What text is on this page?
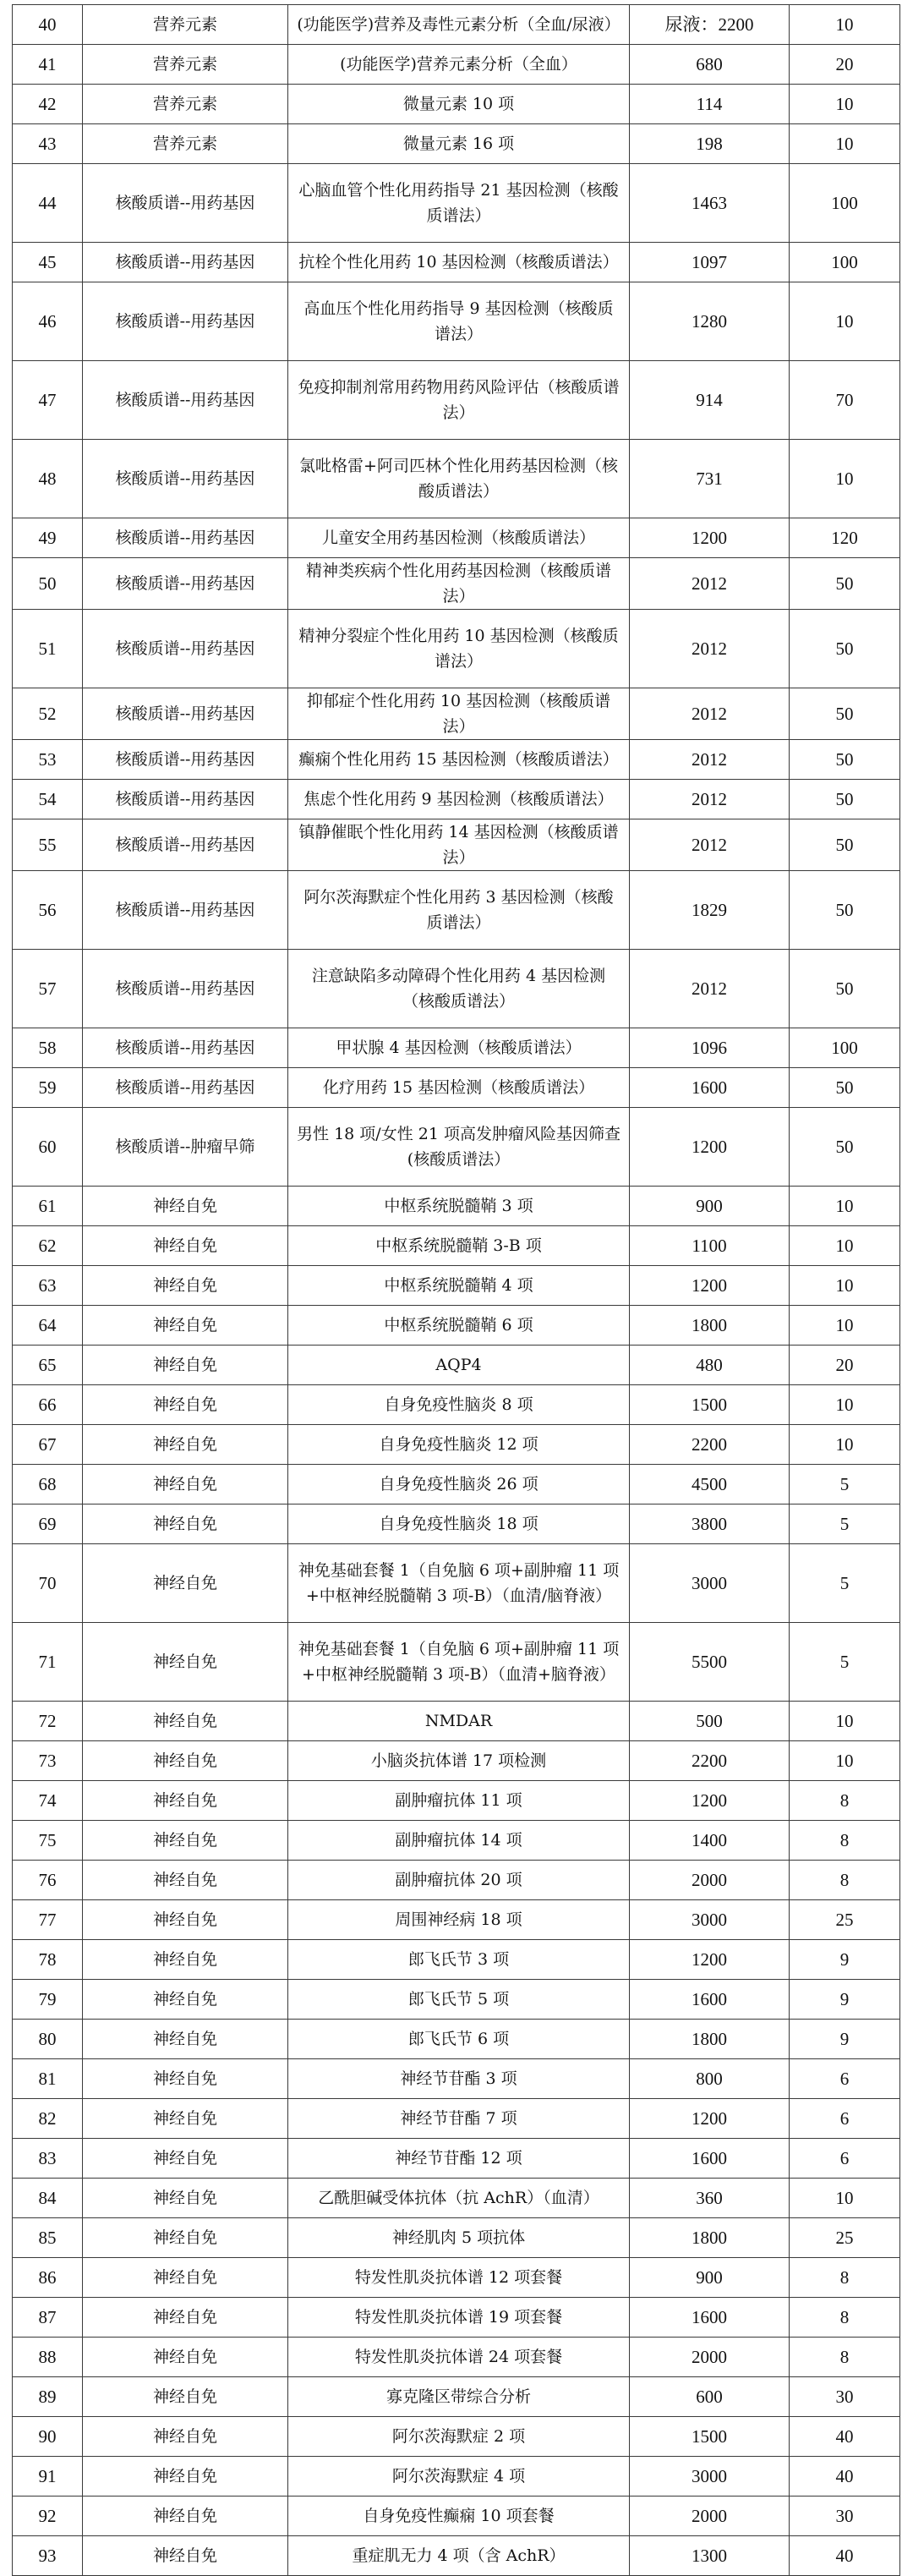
40	营养元素	(功能医学)营养及毒性元素分析（全血/尿液）	尿液：2200	10
41	营养元素	(功能医学)营养元素分析（全血）	680	20
42	营养元素	微量元素 10 项	114	10
43	营养元素	微量元素 16 项	198	10
44	核酸质谱--用药基因	心脑血管个性化用药指导 21 基因检测（核酸质谱法）	1463	100
45	核酸质谱--用药基因	抗栓个性化用药 10 基因检测（核酸质谱法）	1097	100
46	核酸质谱--用药基因	高血压个性化用药指导 9 基因检测（核酸质谱法）	1280	10
47	核酸质谱--用药基因	免疫抑制剂常用药物用药风险评估（核酸质谱法）	914	70
48	核酸质谱--用药基因	氯吡格雷+阿司匹林个性化用药基因检测（核酸质谱法）	731	10
49	核酸质谱--用药基因	儿童安全用药基因检测（核酸质谱法）	1200	120
50	核酸质谱--用药基因	精神类疾病个性化用药基因检测（核酸质谱法）	2012	50
51	核酸质谱--用药基因	精神分裂症个性化用药 10 基因检测（核酸质谱法）	2012	50
52	核酸质谱--用药基因	抑郁症个性化用药 10 基因检测（核酸质谱法）	2012	50
53	核酸质谱--用药基因	癫痫个性化用药 15 基因检测（核酸质谱法）	2012	50
54	核酸质谱--用药基因	焦虑个性化用药 9 基因检测（核酸质谱法）	2012	50
55	核酸质谱--用药基因	镇静催眠个性化用药 14 基因检测（核酸质谱法）	2012	50
56	核酸质谱--用药基因	阿尔茨海默症个性化用药 3 基因检测（核酸质谱法）	1829	50
57	核酸质谱--用药基因	注意缺陷多动障碍个性化用药 4 基因检测（核酸质谱法）	2012	50
58	核酸质谱--用药基因	甲状腺 4 基因检测（核酸质谱法）	1096	100
59	核酸质谱--用药基因	化疗用药 15 基因检测（核酸质谱法）	1600	50
60	核酸质谱--肿瘤早筛	男性 18 项/女性 21 项高发肿瘤风险基因筛查(核酸质谱法）	1200	50
61	神经自免	中枢系统脱髓鞘 3 项	900	10
62	神经自免	中枢系统脱髓鞘 3-B 项	1100	10
63	神经自免	中枢系统脱髓鞘 4 项	1200	10
64	神经自免	中枢系统脱髓鞘 6 项	1800	10
65	神经自免	AQP4	480	20
66	神经自免	自身免疫性脑炎 8 项	1500	10
67	神经自免	自身免疫性脑炎 12 项	2200	10
68	神经自免	自身免疫性脑炎 26 项	4500	5
69	神经自免	自身免疫性脑炎 18 项	3800	5
70	神经自免	神免基础套餐 1（自免脑 6 项+副肿瘤 11 项+中枢神经脱髓鞘 3 项-B）（血清/脑脊液）	3000	5
71	神经自免	神免基础套餐 1（自免脑 6 项+副肿瘤 11 项+中枢神经脱髓鞘 3 项-B）（血清+脑脊液）	5500	5
72	神经自免	NMDAR	500	10
73	神经自免	小脑炎抗体谱 17 项检测	2200	10
74	神经自免	副肿瘤抗体 11 项	1200	8
75	神经自免	副肿瘤抗体 14 项	1400	8
76	神经自免	副肿瘤抗体 20 项	2000	8
77	神经自免	周围神经病 18 项	3000	25
78	神经自免	郎飞氏节 3 项	1200	9
79	神经自免	郎飞氏节 5 项	1600	9
80	神经自免	郎飞氏节 6 项	1800	9
81	神经自免	神经节苷酯 3 项	800	6
82	神经自免	神经节苷酯 7 项	1200	6
83	神经自免	神经节苷酯 12 项	1600	6
84	神经自免	乙酰胆碱受体抗体（抗 AchR）（血清）	360	10
85	神经自免	神经肌肉 5 项抗体	1800	25
86	神经自免	特发性肌炎抗体谱 12 项套餐	900	8
87	神经自免	特发性肌炎抗体谱 19 项套餐	1600	8
88	神经自免	特发性肌炎抗体谱 24 项套餐	2000	8
89	神经自免	寡克隆区带综合分析	600	30
90	神经自免	阿尔茨海默症 2 项	1500	40
91	神经自免	阿尔茨海默症 4 项	3000	40
92	神经自免	自身免疫性癫痫 10 项套餐	2000	30
93	神经自免	重症肌无力 4 项（含 AchR）	1300	40
